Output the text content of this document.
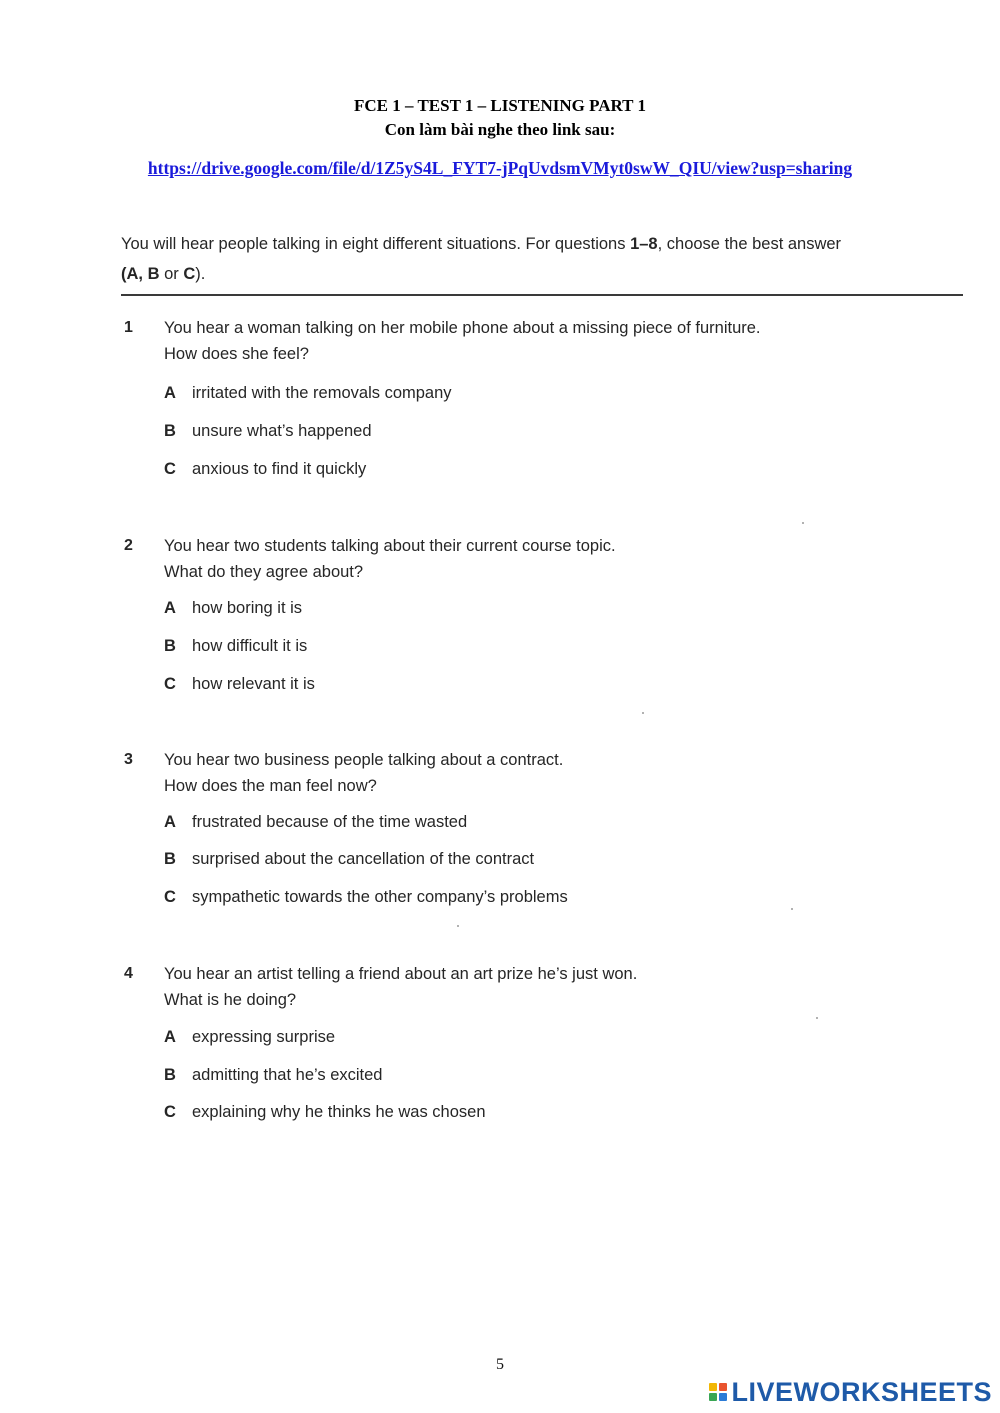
FCE 1 – TEST 1 – LISTENING PART 1
Con làm bài nghe theo link sau:
https://drive.google.com/file/d/1Z5yS4L_FYT7-jPqUvdsmVMyt0swW_QIU/view?usp=sharing
You will hear people talking in eight different situations. For questions 1–8, choose the best answer
(A, B or C).
1 You hear a woman talking on her mobile phone about a missing piece of furniture.
How does she feel?
A irritated with the removals company
B unsure what’s happened
C anxious to find it quickly
2 You hear two students talking about their current course topic.
What do they agree about?
A how boring it is
B how difficult it is
C how relevant it is
3 You hear two business people talking about a contract.
How does the man feel now?
A frustrated because of the time wasted
B surprised about the cancellation of the contract
C sympathetic towards the other company’s problems
4 You hear an artist telling a friend about an art prize he’s just won.
What is he doing?
A expressing surprise
B admitting that he’s excited
C explaining why he thinks he was chosen
5
LIVEWORKSHEETS
